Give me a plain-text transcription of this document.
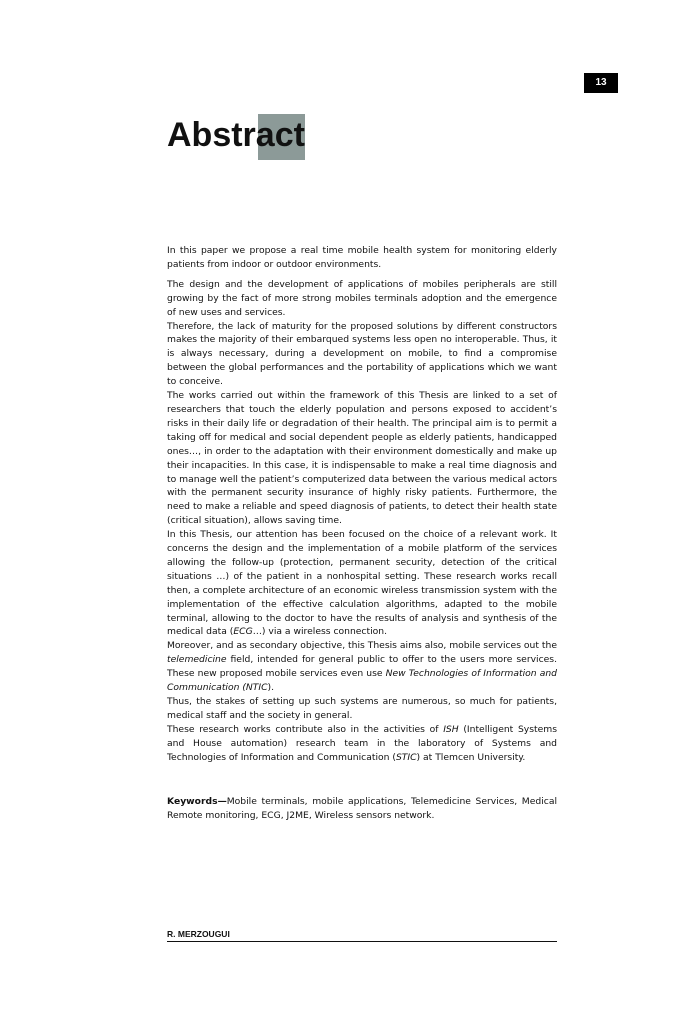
13
Abstract

In this paper we propose a real time mobile health system for monitoring elderly patients from indoor or outdoor environments.

The design and the development of applications of mobiles peripherals are still growing by the fact of more strong mobiles terminals adoption and the emergence of new uses and services.

Therefore, the lack of maturity for the proposed solutions by different constructors makes the majority of their embarqued systems less open no interoperable. Thus, it is always necessary, during a development on mobile, to find a compromise between the global performances and the portability of applications which we want to conceive.

The works carried out within the framework of this Thesis are linked to a set of researchers that touch the elderly population and persons exposed to accident’s risks in their daily life or degradation of their health. The principal aim is to permit a taking off for medical and social dependent people as elderly patients, handicapped ones…, in order to the adaptation with their environment domestically and make up their incapacities. In this case, it is indispensable to make a real time diagnosis and to manage well the patient’s computerized data between the various medical actors with the permanent security insurance of highly risky patients. Furthermore, the need to make a reliable and speed diagnosis of patients, to detect their health state (critical situation), allows saving time.

In this Thesis, our attention has been focused on the choice of a relevant work. It concerns the design and the implementation of a mobile platform of the services allowing the follow-up (protection, permanent security, detection of the critical situations …) of the patient in a nonhospital setting. These research works recall then, a complete architecture of an economic wireless transmission system with the implementation of the effective calculation algorithms, adapted to the mobile terminal, allowing to the doctor to have the results of analysis and synthesis of the medical data (ECG…) via a wireless connection.

Moreover, and as secondary objective, this Thesis aims also, mobile services out the telemedicine field, intended for general public to offer to the users more services. These new proposed mobile services even use New Technologies of Information and Communication (NTIC).

Thus, the stakes of setting up such systems are numerous, so much for patients, medical staff and the society in general.

These research works contribute also in the activities of ISH (Intelligent Systems and House automation) research team in the laboratory of Systems and Technologies of Information and Communication (STIC) at Tlemcen University.

Keywords—Mobile terminals, mobile applications, Telemedicine Services, Medical Remote monitoring, ECG, J2ME, Wireless sensors network.
R. MERZOUGUI
